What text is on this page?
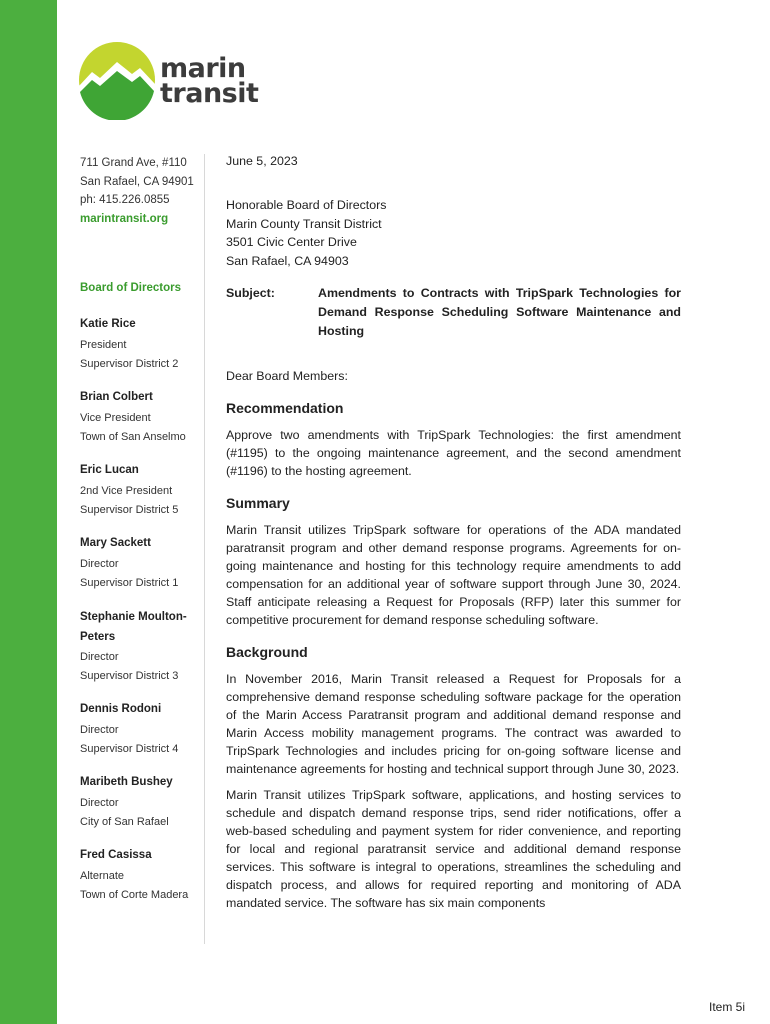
marin
transit
711 Grand Ave, #110
San Rafael, CA 94901
ph: 415.226.0855
marintransit.org
Board of Directors
Katie Rice
President
Supervisor District 2
Brian Colbert
Vice President
Town of San Anselmo
Eric Lucan
2nd Vice President
Supervisor District 5
Mary Sackett
Director
Supervisor District 1
Stephanie Moulton-Peters
Director
Supervisor District 3
Dennis Rodoni
Director
Supervisor District 4
Maribeth Bushey
Director
City of San Rafael
Fred Casissa
Alternate
Town of Corte Madera
June 5, 2023
Honorable Board of Directors
Marin County Transit District
3501 Civic Center Drive
San Rafael, CA 94903
Subject:	Amendments to Contracts with TripSpark Technologies for Demand Response Scheduling Software Maintenance and Hosting
Dear Board Members:
Recommendation

Approve two amendments with TripSpark Technologies: the first amendment (#1195) to the ongoing maintenance agreement, and the second amendment (#1196) to the hosting agreement.

Summary

Marin Transit utilizes TripSpark software for operations of the ADA mandated paratransit program and other demand response programs. Agreements for on-going maintenance and hosting for this technology require amendments to add compensation for an additional year of software support through June 30, 2024. Staff anticipate releasing a Request for Proposals (RFP) later this summer for competitive procurement for demand response scheduling software.

Background

In November 2016, Marin Transit released a Request for Proposals for a comprehensive demand response scheduling software package for the operation of the Marin Access Paratransit program and additional demand response and Marin Access mobility management programs. The contract was awarded to TripSpark Technologies and includes pricing for on-going software license and maintenance agreements for hosting and technical support through June 30, 2023.

Marin Transit utilizes TripSpark software, applications, and hosting services to schedule and dispatch demand response trips, send rider notifications, offer a web-based scheduling and payment system for rider convenience, and reporting for local and regional paratransit service and additional demand response services. This software is integral to operations, streamlines the scheduling and dispatch process, and allows for required reporting and monitoring of ADA mandated service. The software has six main components

Item 5i
